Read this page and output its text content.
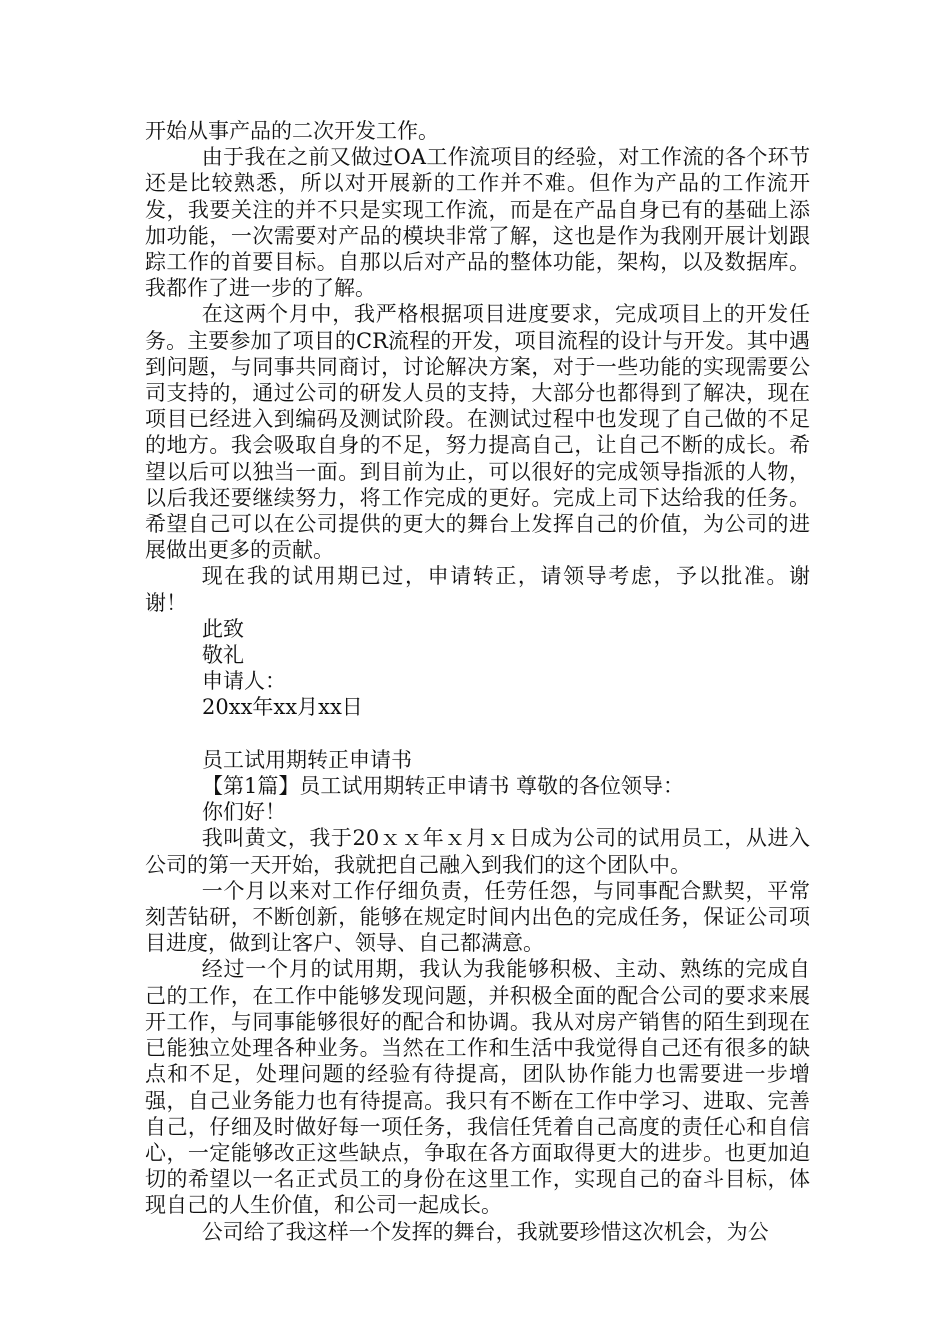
开始从事产品的二次开发工作。

由于我在之前又做过OA工作流项目的经验，对工作流的各个环节还是比较熟悉，所以对开展新的工作并不难。但作为产品的工作流开发，我要关注的并不只是实现工作流，而是在产品自身已有的基础上添加功能，一次需要对产品的模块非常了解，这也是作为我刚开展计划跟踪工作的首要目标。自那以后对产品的整体功能，架构，以及数据库。我都作了进一步的了解。

在这两个月中，我严格根据项目进度要求，完成项目上的开发任务。主要参加了项目的CR流程的开发，项目流程的设计与开发。其中遇到问题，与同事共同商讨，讨论解决方案，对于一些功能的实现需要公司支持的，通过公司的研发人员的支持，大部分也都得到了解决，现在项目已经进入到编码及测试阶段。在测试过程中也发现了自己做的不足的地方。我会吸取自身的不足，努力提高自己，让自己不断的成长。希望以后可以独当一面。到目前为止，可以很好的完成领导指派的人物，以后我还要继续努力，将工作完成的更好。完成上司下达给我的任务。希望自己可以在公司提供的更大的舞台上发挥自己的价值，为公司的进展做出更多的贡献。

现在我的试用期已过，申请转正，请领导考虑，予以批准。谢谢！

此致

敬礼

申请人：

20xx年xx月xx日

员工试用期转正申请书

【第1篇】员工试用期转正申请书 尊敬的各位领导：

你们好！

我叫黄文，我于20ｘｘ年ｘ月ｘ日成为公司的试用员工，从进入公司的第一天开始，我就把自己融入到我们的这个团队中。

一个月以来对工作仔细负责，任劳任怨，与同事配合默契，平常刻苦钻研，不断创新，能够在规定时间内出色的完成任务，保证公司项目进度，做到让客户、领导、自己都满意。

经过一个月的试用期，我认为我能够积极、主动、熟练的完成自己的工作，在工作中能够发现问题，并积极全面的配合公司的要求来展开工作，与同事能够很好的配合和协调。我从对房产销售的陌生到现在已能独立处理各种业务。当然在工作和生活中我觉得自己还有很多的缺点和不足，处理问题的经验有待提高，团队协作能力也需要进一步增强，自己业务能力也有待提高。我只有不断在工作中学习、进取、完善自己，仔细及时做好每一项任务，我信任凭着自己高度的责任心和自信心，一定能够改正这些缺点，争取在各方面取得更大的进步。也更加迫切的希望以一名正式员工的身份在这里工作，实现自己的奋斗目标，体现自己的人生价值，和公司一起成长。

公司给了我这样一个发挥的舞台，我就要珍惜这次机会，为公
